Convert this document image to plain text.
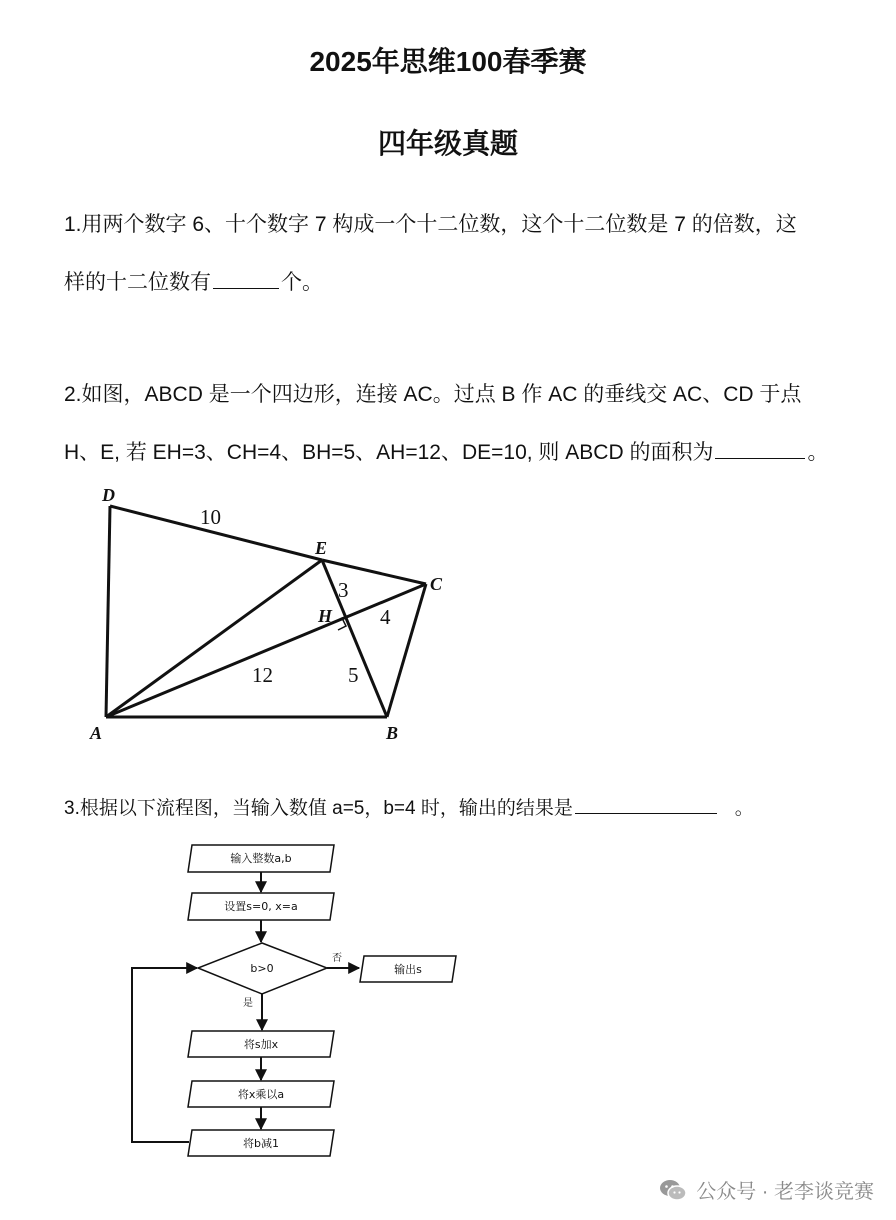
2025年思维100春季赛
四年级真题
1.用两个数字 6、十个数字 7 构成一个十二位数，这个十二位数是 7 的倍数，这
样的十二位数有	个。
2.如图，ABCD 是一个四边形，连接 AC。过点 B 作 AC 的垂线交 AC、CD 于点
H、E, 若 EH=3、CH=4、BH=5、AH=12、DE=10, 则 ABCD 的面积为	。
D
E
C
H
A	B
10
3
4
5
12
3.根据以下流程图，当输入数值 a=5，b=4 时，输出的结果是	。
输入整数a,b
设置s=0, x=a
b>0	输出s
将s加x
将x乘以a
将b减1
否
是
公众号 · 老李谈竞赛
